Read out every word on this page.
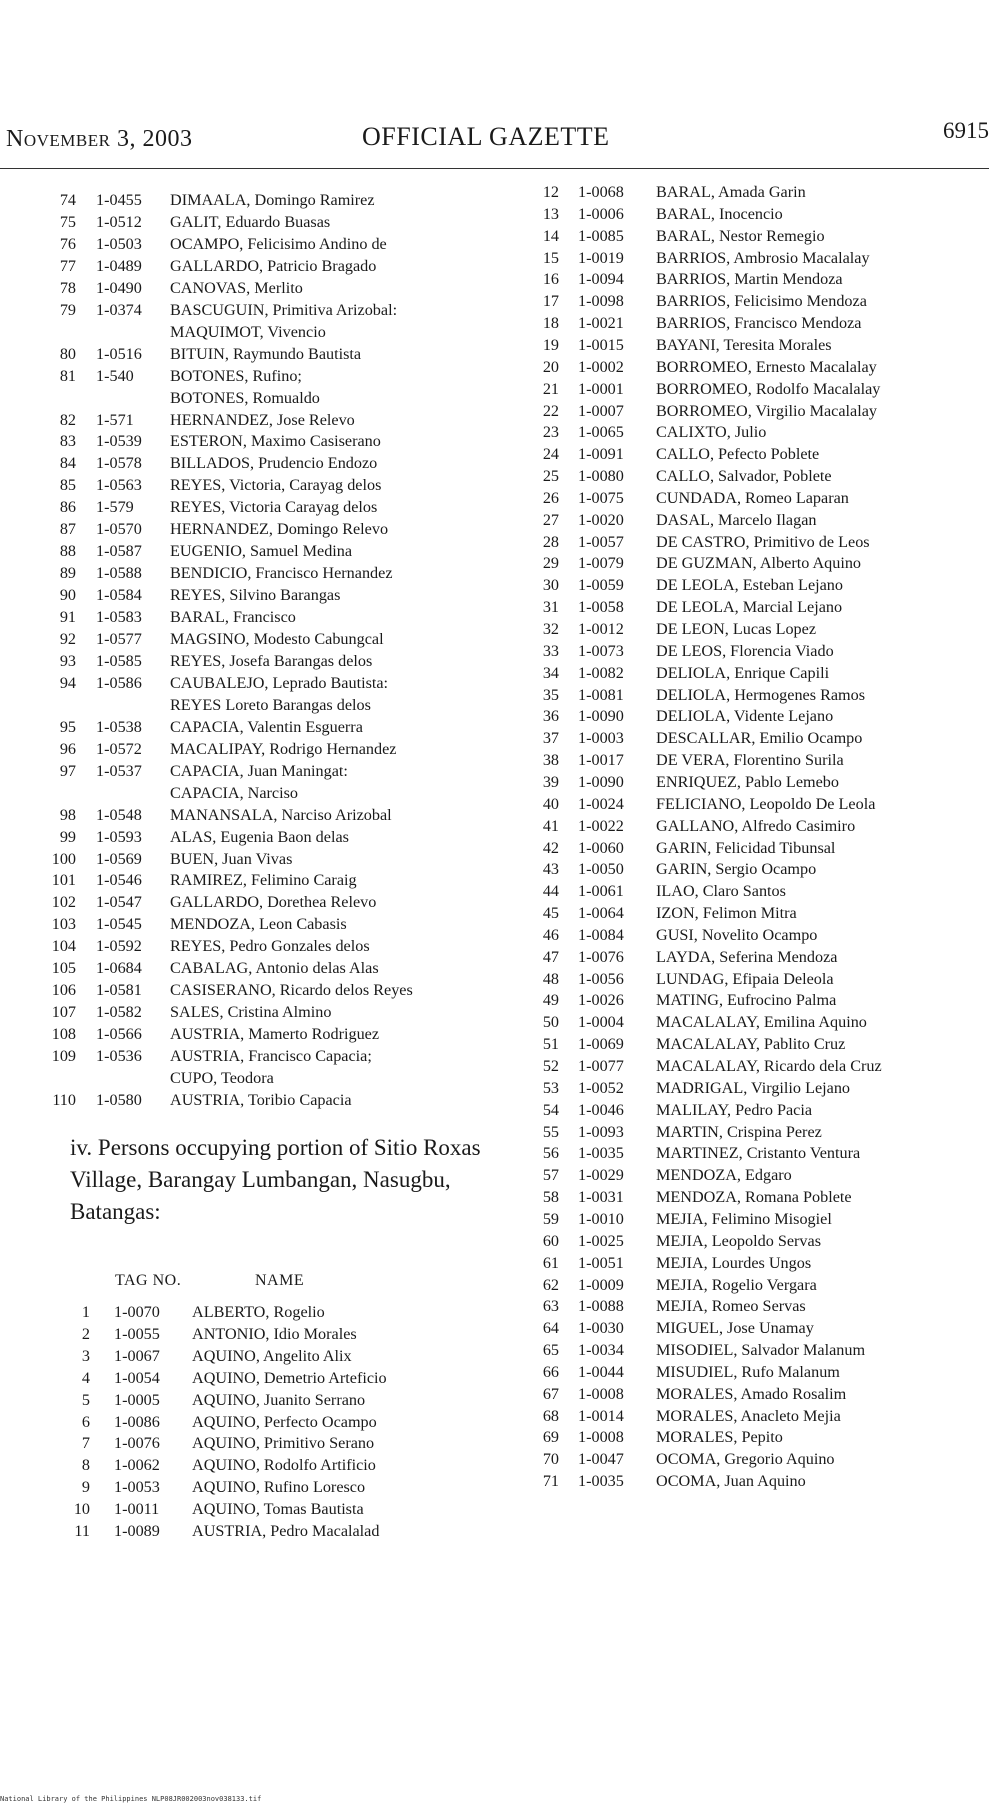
November 3, 2003	OFFICIAL GAZETTE	6915
74 1-0455 DIMAALA, Domingo Ramirez
75 1-0512 GALIT, Eduardo Buasas
76 1-0503 OCAMPO, Felicisimo Andino de
77 1-0489 GALLARDO, Patricio Bragado
78 1-0490 CANOVAS, Merlito
79 1-0374 BASCUGUIN, Primitiva Arizobal:
MAQUIMOT, Vivencio
80 1-0516 BITUIN, Raymundo Bautista
81 1-540 BOTONES, Rufino;
BOTONES, Romualdo
82 1-571 HERNANDEZ, Jose Relevo
83 1-0539 ESTERON, Maximo Casiserano
84 1-0578 BILLADOS, Prudencio Endozo
85 1-0563 REYES, Victoria, Carayag delos
86 1-579 REYES, Victoria Carayag delos
87 1-0570 HERNANDEZ, Domingo Relevo
88 1-0587 EUGENIO, Samuel Medina
89 1-0588 BENDICIO, Francisco Hernandez
90 1-0584 REYES, Silvino Barangas
91 1-0583 BARAL, Francisco
92 1-0577 MAGSINO, Modesto Cabungcal
93 1-0585 REYES, Josefa Barangas delos
94 1-0586 CAUBALEJO, Leprado Bautista:
REYES Loreto Barangas delos
95 1-0538 CAPACIA, Valentin Esguerra
96 1-0572 MACALIPAY, Rodrigo Hernandez
97 1-0537 CAPACIA, Juan Maningat:
CAPACIA, Narciso
98 1-0548 MANANSALA, Narciso Arizobal
99 1-0593 ALAS, Eugenia Baon delas
100 1-0569 BUEN, Juan Vivas
101 1-0546 RAMIREZ, Felimino Caraig
102 1-0547 GALLARDO, Dorethea Relevo
103 1-0545 MENDOZA, Leon Cabasis
104 1-0592 REYES, Pedro Gonzales delos
105 1-0684 CABALAG, Antonio delas Alas
106 1-0581 CASISERANO, Ricardo delos Reyes
107 1-0582 SALES, Cristina Almino
108 1-0566 AUSTRIA, Mamerto Rodriguez
109 1-0536 AUSTRIA, Francisco Capacia;
CUPO, Teodora
110 1-0580 AUSTRIA, Toribio Capacia
iv. Persons occupying portion of Sitio Roxas Village, Barangay Lumbangan, Nasugbu, Batangas:
TAG NO.	NAME
1 1-0070 ALBERTO, Rogelio
2 1-0055 ANTONIO, Idio Morales
3 1-0067 AQUINO, Angelito Alix
4 1-0054 AQUINO, Demetrio Arteficio
5 1-0005 AQUINO, Juanito Serrano
6 1-0086 AQUINO, Perfecto Ocampo
7 1-0076 AQUINO, Primitivo Serano
8 1-0062 AQUINO, Rodolfo Artificio
9 1-0053 AQUINO, Rufino Loresco
10 1-0011 AQUINO, Tomas Bautista
11 1-0089 AUSTRIA, Pedro Macalalad
12 1-0068 BARAL, Amada Garin
13 1-0006 BARAL, Inocencio
14 1-0085 BARAL, Nestor Remegio
15 1-0019 BARRIOS, Ambrosio Macalalay
16 1-0094 BARRIOS, Martin Mendoza
17 1-0098 BARRIOS, Felicisimo Mendoza
18 1-0021 BARRIOS, Francisco Mendoza
19 1-0015 BAYANI, Teresita Morales
20 1-0002 BORROMEO, Ernesto Macalalay
21 1-0001 BORROMEO, Rodolfo Macalalay
22 1-0007 BORROMEO, Virgilio Macalalay
23 1-0065 CALIXTO, Julio
24 1-0091 CALLO, Pefecto Poblete
25 1-0080 CALLO, Salvador, Poblete
26 1-0075 CUNDADA, Romeo Laparan
27 1-0020 DASAL, Marcelo Ilagan
28 1-0057 DE CASTRO, Primitivo de Leos
29 1-0079 DE GUZMAN, Alberto Aquino
30 1-0059 DE LEOLA, Esteban Lejano
31 1-0058 DE LEOLA, Marcial Lejano
32 1-0012 DE LEON, Lucas Lopez
33 1-0073 DE LEOS, Florencia Viado
34 1-0082 DELIOLA, Enrique Capili
35 1-0081 DELIOLA, Hermogenes Ramos
36 1-0090 DELIOLA, Vidente Lejano
37 1-0003 DESCALLAR, Emilio Ocampo
38 1-0017 DE VERA, Florentino Surila
39 1-0090 ENRIQUEZ, Pablo Lemebo
40 1-0024 FELICIANO, Leopoldo De Leola
41 1-0022 GALLANO, Alfredo Casimiro
42 1-0060 GARIN, Felicidad Tibunsal
43 1-0050 GARIN, Sergio Ocampo
44 1-0061 ILAO, Claro Santos
45 1-0064 IZON, Felimon Mitra
46 1-0084 GUSI, Novelito Ocampo
47 1-0076 LAYDA, Seferina Mendoza
48 1-0056 LUNDAG, Efipaia Deleola
49 1-0026 MATING, Eufrocino Palma
50 1-0004 MACALALAY, Emilina Aquino
51 1-0069 MACALALAY, Pablito Cruz
52 1-0077 MACALALAY, Ricardo dela Cruz
53 1-0052 MADRIGAL, Virgilio Lejano
54 1-0046 MALILAY, Pedro Pacia
55 1-0093 MARTIN, Crispina Perez
56 1-0035 MARTINEZ, Cristanto Ventura
57 1-0029 MENDOZA, Edgaro
58 1-0031 MENDOZA, Romana Poblete
59 1-0010 MEJIA, Felimino Misogiel
60 1-0025 MEJIA, Leopoldo Servas
61 1-0051 MEJIA, Lourdes Ungos
62 1-0009 MEJIA, Rogelio Vergara
63 1-0088 MEJIA, Romeo Servas
64 1-0030 MIGUEL, Jose Unamay
65 1-0034 MISODIEL, Salvador Malanum
66 1-0044 MISUDIEL, Rufo Malanum
67 1-0008 MORALES, Amado Rosalim
68 1-0014 MORALES, Anacleto Mejia
69 1-0008 MORALES, Pepito
70 1-0047 OCOMA, Gregorio Aquino
71 1-0035 OCOMA, Juan Aquino
National Library of the Philippines NLP08JR002003nov038133.tif
